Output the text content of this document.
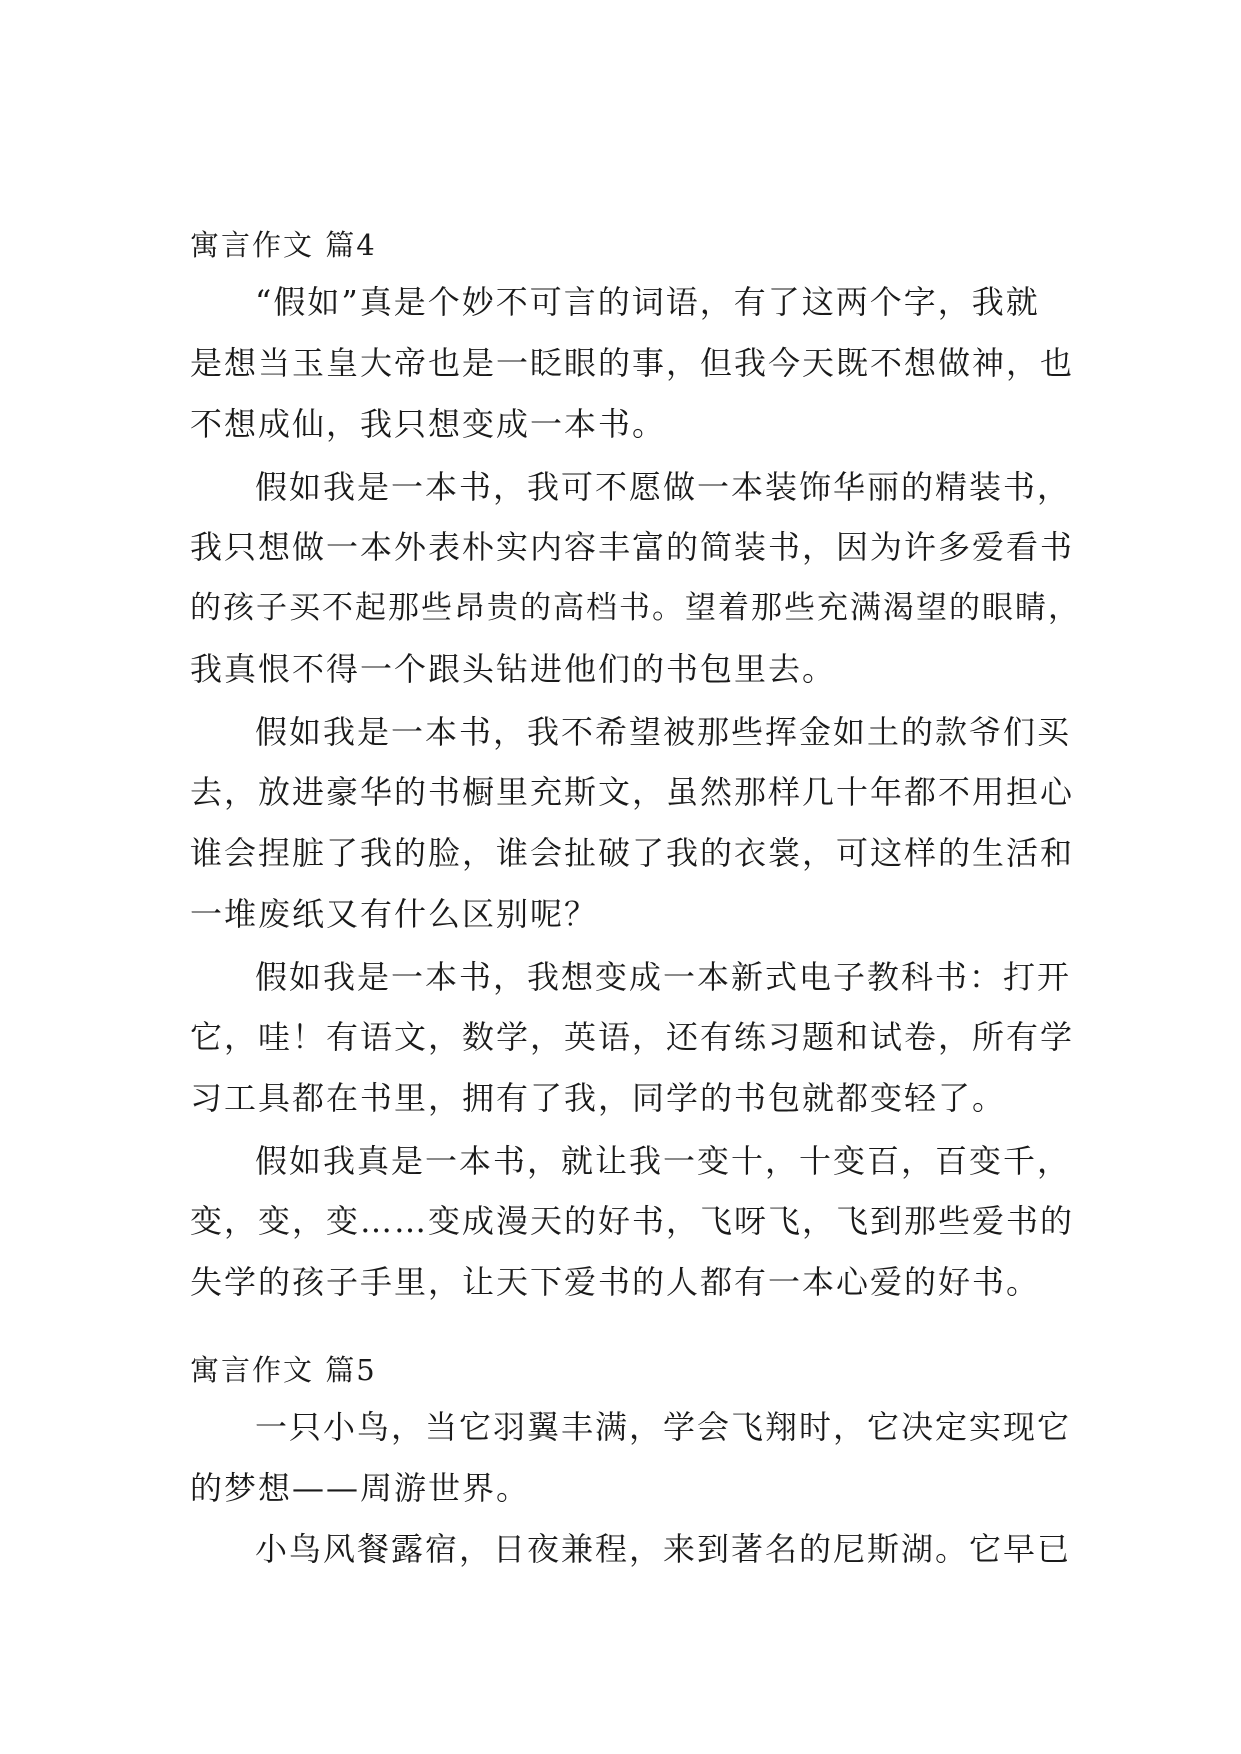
寓言作文 篇4
“假如”真是个妙不可言的词语，有了这两个字，我就
是想当玉皇大帝也是一眨眼的事，但我今天既不想做神，也
不想成仙，我只想变成一本书。
假如我是一本书，我可不愿做一本装饰华丽的精装书，
我只想做一本外表朴实内容丰富的简装书，因为许多爱看书
的孩子买不起那些昂贵的高档书。望着那些充满渴望的眼睛，
我真恨不得一个跟头钻进他们的书包里去。
假如我是一本书，我不希望被那些挥金如土的款爷们买
去，放进豪华的书橱里充斯文，虽然那样几十年都不用担心
谁会捏脏了我的脸，谁会扯破了我的衣裳，可这样的生活和
一堆废纸又有什么区别呢？
假如我是一本书，我想变成一本新式电子教科书：打开
它，哇！有语文，数学，英语，还有练习题和试卷，所有学
习工具都在书里，拥有了我，同学的书包就都变轻了。
假如我真是一本书，就让我一变十，十变百，百变千，
变，变，变……变成漫天的好书，飞呀飞，飞到那些爱书的
失学的孩子手里，让天下爱书的人都有一本心爱的好书。
寓言作文 篇5
一只小鸟，当它羽翼丰满，学会飞翔时，它决定实现它
的梦想——周游世界。
小鸟风餐露宿，日夜兼程，来到著名的尼斯湖。它早已
